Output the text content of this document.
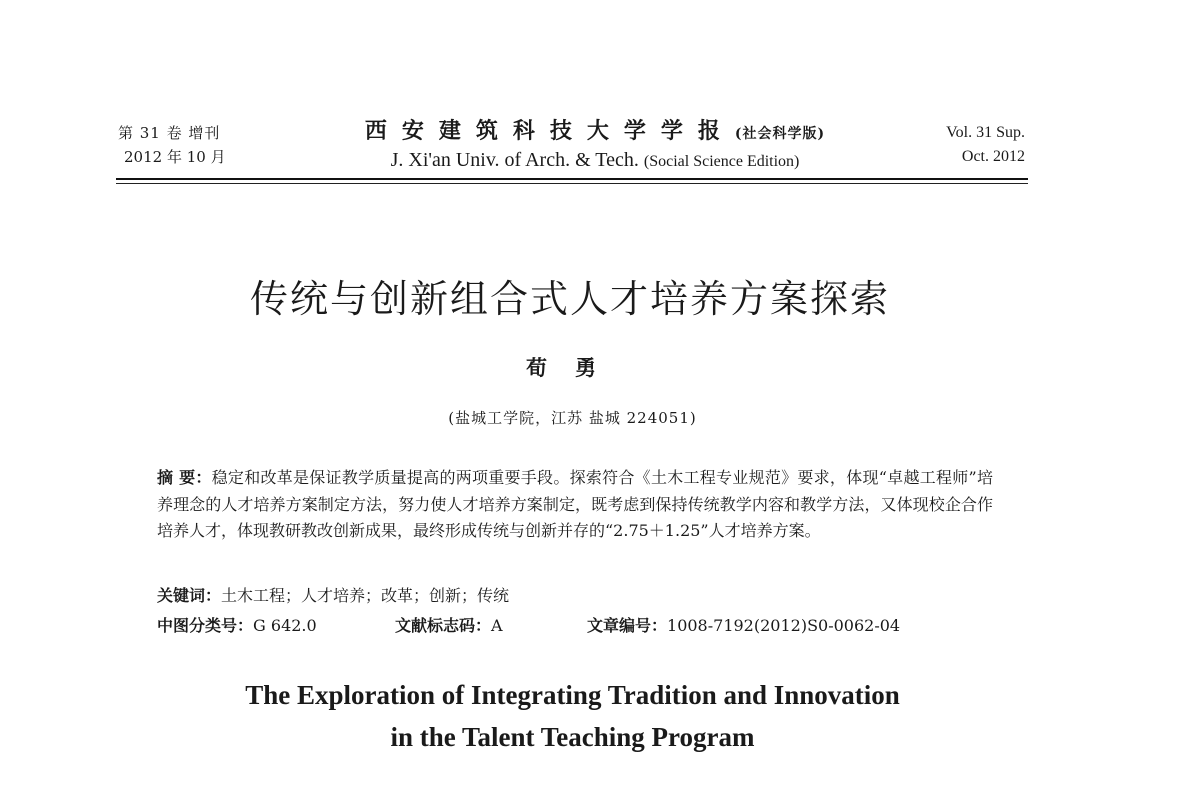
第 31 卷 增刊
2012 年 10 月
西安建筑科技大学学报(社会科学版)
J. Xi'an Univ. of Arch. & Tech. (Social Science Edition)
Vol. 31 Sup.
Oct. 2012
传统与创新组合式人才培养方案探索
荀勇
(盐城工学院，江苏 盐城 224051)
摘 要：稳定和改革是保证教学质量提高的两项重要手段。探索符合《土木工程专业规范》要求，体现“卓越工程师”培养理念的人才培养方案制定方法，努力使人才培养方案制定，既考虑到保持传统教学内容和教学方法，又体现校企合作培养人才，体现教研教改创新成果，最终形成传统与创新并存的“2.75＋1.25”人才培养方案。
关键词：土木工程；人才培养；改革；创新；传统
中图分类号：G 642.0	文献标志码：A	文章编号：1008-7192(2012)S0-0062-04
The Exploration of Integrating Tradition and Innovation
in the Talent Teaching Program
